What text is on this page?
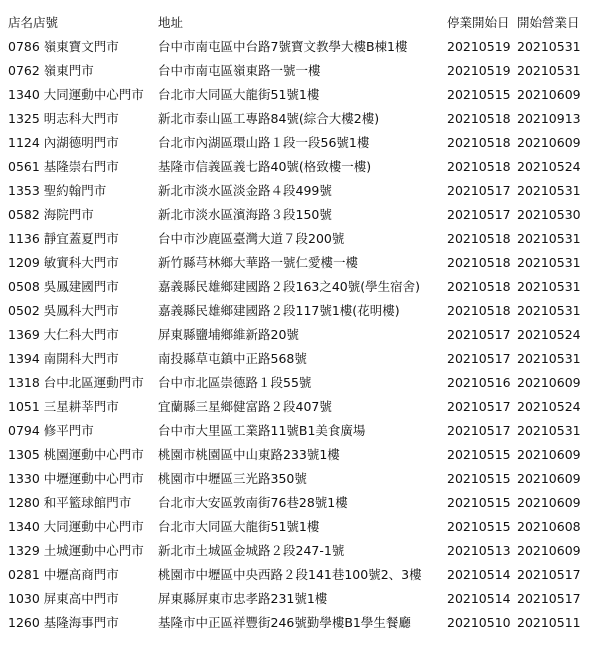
店名店號	地址	停業開始日 開始營業日
0786 嶺東寶文門市	台中市南屯區中台路7號寶文教學大樓B棟1樓	20210519 20210531
0762 嶺東門市	台中市南屯區嶺東路一號一樓	20210519 20210531
1340 大同運動中心門市 台北市大同區大龍街51號1樓	20210515 20210609
1325 明志科大門市	新北市泰山區工專路84號(綜合大樓2樓)	20210518 20210913
1124 內湖德明門市	台北市內湖區環山路１段一段56號1樓	20210518 20210609
0561 基隆崇右門市	基隆市信義區義七路40號(格致樓一樓)	20210518 20210524
1353 聖約翰門市	新北市淡水區淡金路４段499號	20210517 20210531
0582 海院門市	新北市淡水區濱海路３段150號	20210517 20210530
1136 靜宜蓋夏門市	台中市沙鹿區臺灣大道７段200號	20210518 20210531
1209 敏實科大門市	新竹縣芎林鄉大華路一號仁愛樓一樓	20210518 20210531
0508 吳鳳建國門市	嘉義縣民雄鄉建國路２段163之40號(學生宿舍) 20210518 20210531
0502 吳鳳科大門市	嘉義縣民雄鄉建國路２段117號1樓(花明樓)	20210518 20210531
1369 大仁科大門市	屏東縣鹽埔鄉維新路20號	20210517 20210524
1394 南開科大門市	南投縣草屯鎮中正路568號	20210517 20210531
1318 台中北區運動門市 台中市北區崇德路１段55號	20210516 20210609
1051 三星耕莘門市	宜蘭縣三星鄉健富路２段407號	20210517 20210524
0794 修平門市	台中市大里區工業路11號B1美食廣場	20210517 20210531
1305 桃園運動中心門市 桃園市桃園區中山東路233號1樓	20210515 20210609
1330 中壢運動中心門市 桃園市中壢區三光路350號	20210515 20210609
1280 和平籃球館門市 台北市大安區敦南街76巷28號1樓	20210515 20210609
1340 大同運動中心門市 台北市大同區大龍街51號1樓	20210515 20210608
1329 土城運動中心門市 新北市土城區金城路２段247-1號	20210513 20210609
0281 中壢高商門市	桃園市中壢區中央西路２段141巷100號2、3樓 20210514 20210517
1030 屏東高中門市	屏東縣屏東市忠孝路231號1樓	20210514 20210517
1260 基隆海事門市	基隆市中正區祥豐街246號勤學樓B1學生餐廳	20210510 20210511
